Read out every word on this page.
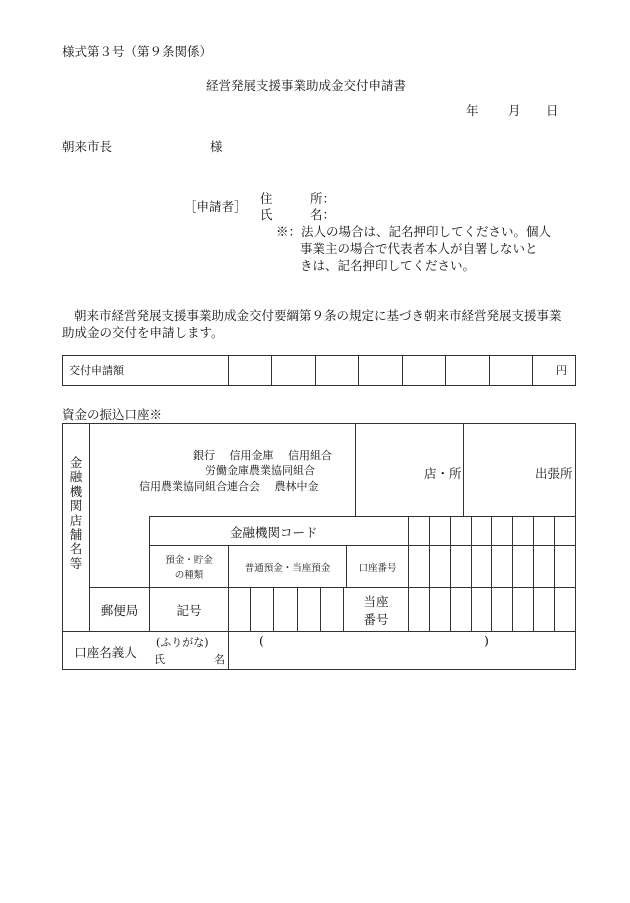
様式第３号（第９条関係）
経営発展支援事業助成金交付申請書
年 月 日
朝来市長	様
［申請者］
住　　　所：
氏　　　名：
※：法人の場合は、記名押印してください。個人
事業主の場合で代表者本人が自署しないと
きは、記名押印してください。
朝来市経営発展支援事業助成金交付要綱第９条の規定に基づき朝来市経営発展支援事業
助成金の交付を申請します。
交付申請額	円
資金の振込口座※
金融機関店舗名等
銀行　 信用金庫　 信用組合
労働金庫農業協同組合
信用農業協同組合連合会　 農林中金
店・所	出張所
金融機関コード
預金・貯金
の種類
普通預金・当座預金	口座番号
郵便局	記号
当座
番号
口座名義人
(ふりがな)
氏	名
(	)
